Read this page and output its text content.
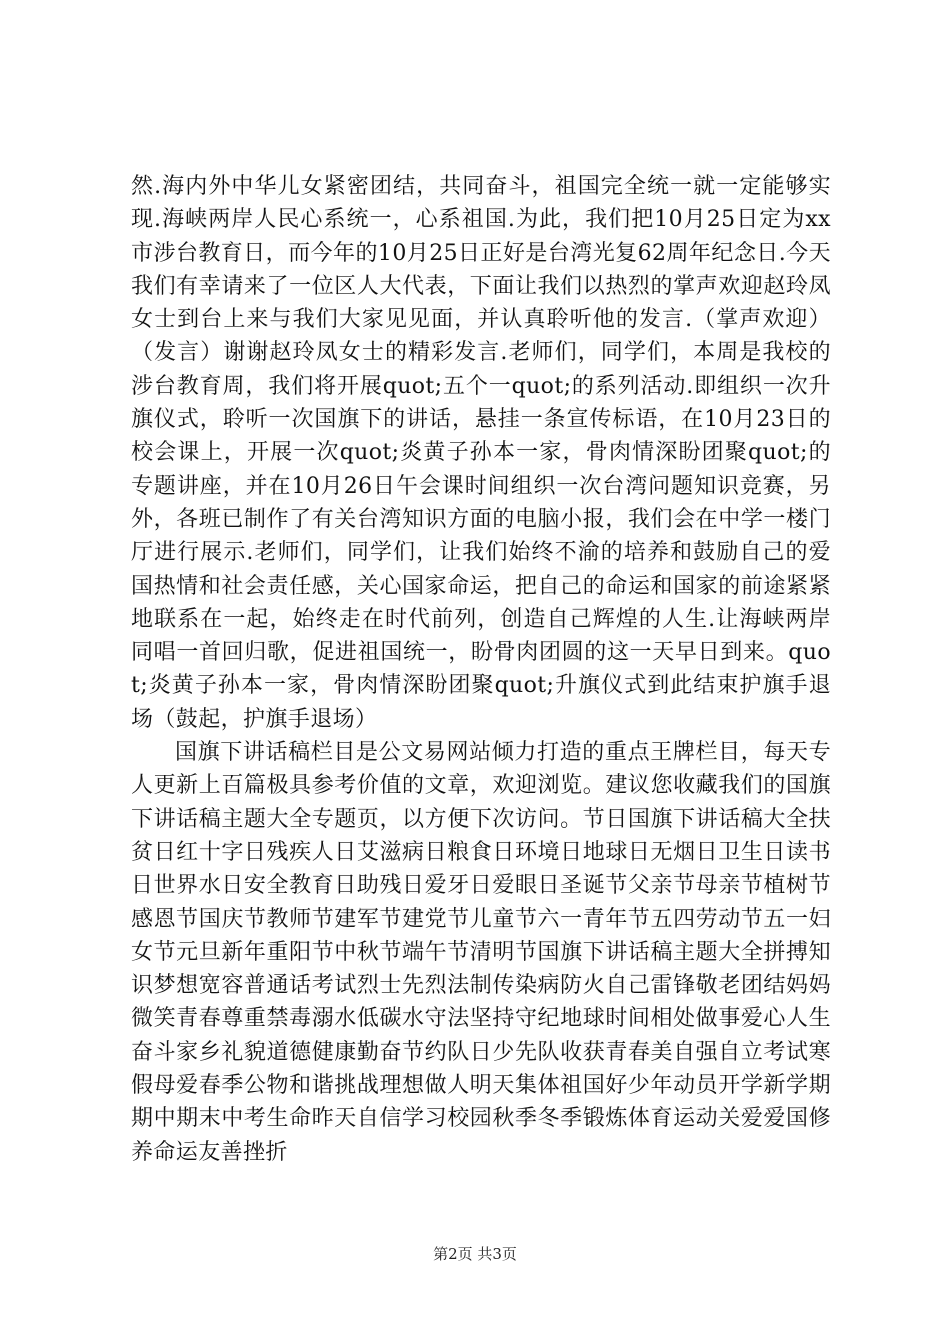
然.海内外中华儿女紧密团结，共同奋斗，祖国完全统一就一定能够实现.海峡两岸人民心系统一，心系祖国.为此，我们把10月25日定为xx市涉台教育日，而今年的10月25日正好是台湾光复62周年纪念日.今天我们有幸请来了一位区人大代表，下面让我们以热烈的掌声欢迎赵玲凤女士到台上来与我们大家见见面，并认真聆听他的发言.（掌声欢迎）（发言）谢谢赵玲凤女士的精彩发言.老师们，同学们，本周是我校的涉台教育周，我们将开展quot;五个一quot;的系列活动.即组织一次升旗仪式，聆听一次国旗下的讲话，悬挂一条宣传标语，在10月23日的校会课上，开展一次quot;炎黄子孙本一家，骨肉情深盼团聚quot;的专题讲座，并在10月26日午会课时间组织一次台湾问题知识竞赛，另外，各班已制作了有关台湾知识方面的电脑小报，我们会在中学一楼门厅进行展示.老师们，同学们，让我们始终不渝的培养和鼓励自己的爱国热情和社会责任感，关心国家命运，把自己的命运和国家的前途紧紧地联系在一起，始终走在时代前列，创造自己辉煌的人生.让海峡两岸同唱一首回归歌，促进祖国统一，盼骨肉团圆的这一天早日到来。quot;炎黄子孙本一家，骨肉情深盼团聚quot;升旗仪式到此结束护旗手退场（鼓起，护旗手退场）

国旗下讲话稿栏目是公文易网站倾力打造的重点王牌栏目，每天专人更新上百篇极具参考价值的文章，欢迎浏览。建议您收藏我们的国旗下讲话稿主题大全专题页，以方便下次访问。节日国旗下讲话稿大全扶贫日红十字日残疾人日艾滋病日粮食日环境日地球日无烟日卫生日读书日世界水日安全教育日助残日爱牙日爱眼日圣诞节父亲节母亲节植树节感恩节国庆节教师节建军节建党节儿童节六一青年节五四劳动节五一妇女节元旦新年重阳节中秋节端午节清明节国旗下讲话稿主题大全拼搏知识梦想宽容普通话考试烈士先烈法制传染病防火自己雷锋敬老团结妈妈微笑青春尊重禁毒溺水低碳水守法坚持守纪地球时间相处做事爱心人生奋斗家乡礼貌道德健康勤奋节约队日少先队收获青春美自强自立考试寒假母爱春季公物和谐挑战理想做人明天集体祖国好少年动员开学新学期期中期末中考生命昨天自信学习校园秋季冬季锻炼体育运动关爱爱国修养命运友善挫折

第2页 共3页
